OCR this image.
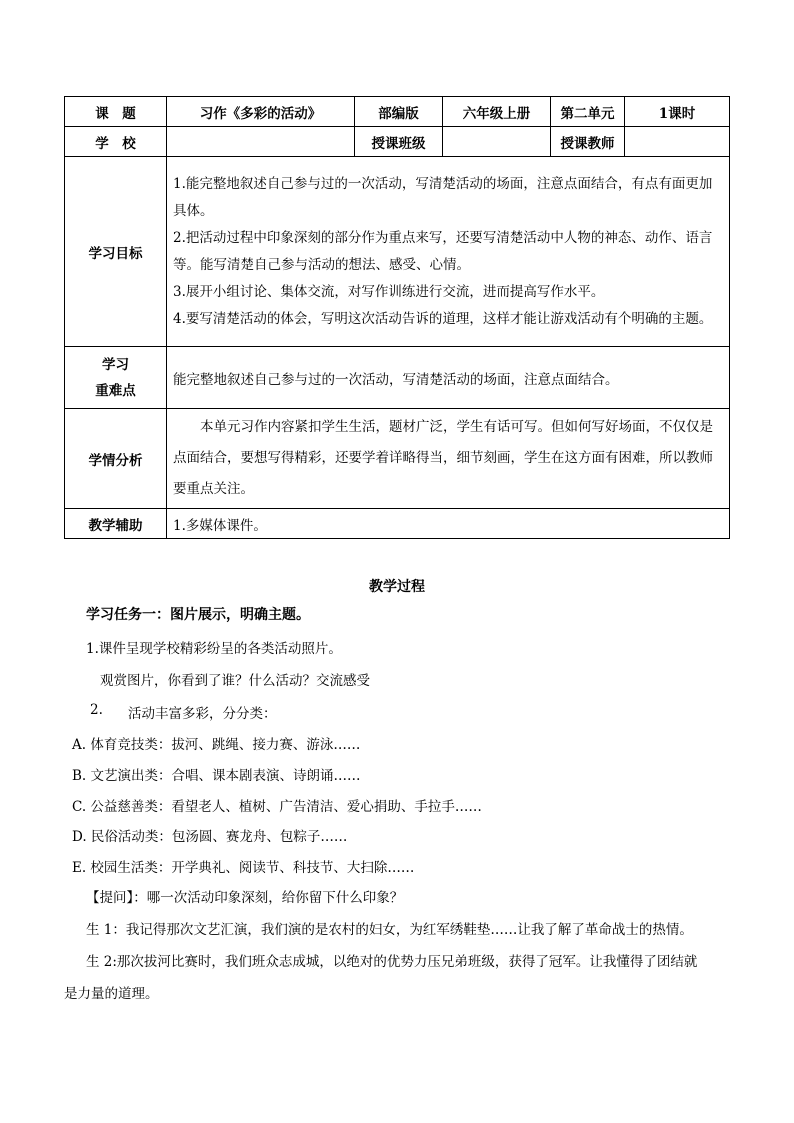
课　题	习作《多彩的活动》	部编版	六年级上册	第二单元	1课时
学　校		授课班级		授课教师	
学习目标	1.能完整地叙述自己参与过的一次活动，写清楚活动的场面，注意点面结合，有点有面更加具体。
2.把活动过程中印象深刻的部分作为重点来写，还要写清楚活动中人物的神态、动作、语言等。能写清楚自己参与活动的想法、感受、心情。
3.展开小组讨论、集体交流，对写作训练进行交流，进而提高写作水平。
4.要写清楚活动的体会，写明这次活动告诉的道理，这样才能让游戏活动有个明确的主题。				

学习
重难点	能完整地叙述自己参与过的一次活动，写清楚活动的场面，注意点面结合。				
学情分析	本单元习作内容紧扣学生生活，题材广泛，学生有话可写。但如何写好场面，不仅仅是点面结合，要想写得精彩，还要学着详略得当，细节刻画，学生在这方面有困难，所以教师要重点关注。				
教学辅助	1.多媒体课件。				
教学过程
学习任务一：图片展示，明确主题。
1.课件呈现学校精彩纷呈的各类活动照片。
观赏图片，你看到了谁？什么活动？交流感受
2. 活动丰富多彩，分分类：
A. 体育竞技类：拔河、跳绳、接力赛、游泳……
B. 文艺演出类：合唱、课本剧表演、诗朗诵……
C. 公益慈善类：看望老人、植树、广告清洁、爱心捐助、手拉手……
D. 民俗活动类：包汤圆、赛龙舟、包粽子……
E. 校园生活类：开学典礼、阅读节、科技节、大扫除……
【提问】：哪一次活动印象深刻，给你留下什么印象？
生 1：我记得那次文艺汇演，我们演的是农村的妇女，为红军绣鞋垫……让我了解了革命战士的热情。
生 2:那次拔河比赛时，我们班众志成城，以绝对的优势力压兄弟班级，获得了冠军。让我懂得了团结就
是力量的道理。
